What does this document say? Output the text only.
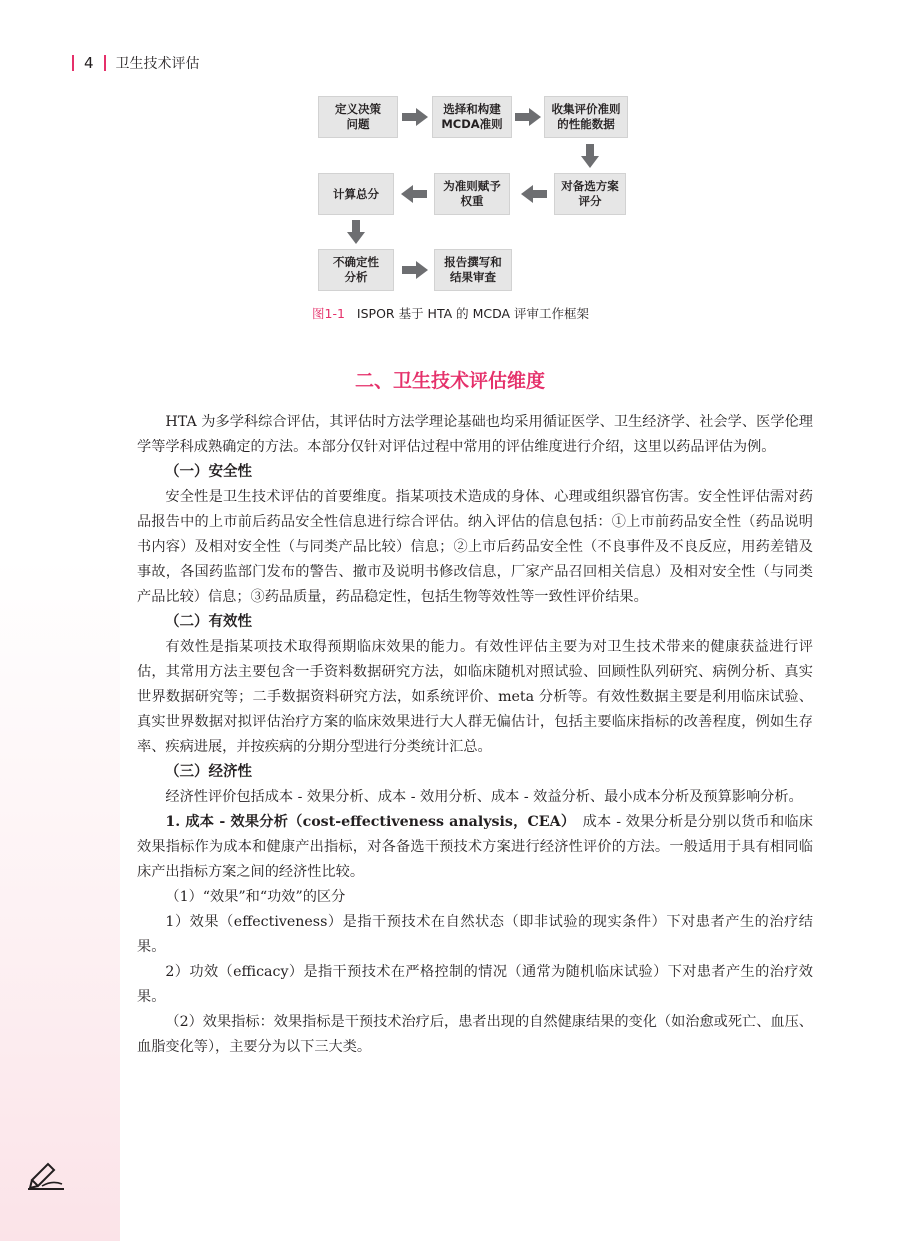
4 卫生技术评估
定义决策
问题
选择和构建
MCDA准则
收集评价准则
的性能数据
对备选方案
评分
为准则赋予
权重
计算总分
不确定性
分析
报告撰写和
结果审查
图1-1 ISPOR 基于 HTA 的 MCDA 评审工作框架
二、卫生技术评估维度

HTA 为多学科综合评估，其评估时方法学理论基础也均采用循证医学、卫生经济学、社会学、医学伦理学等学科成熟确定的方法。本部分仅针对评估过程中常用的评估维度进行介绍，这里以药品评估为例。

（一）安全性

安全性是卫生技术评估的首要维度。指某项技术造成的身体、心理或组织器官伤害。安全性评估需对药品报告中的上市前后药品安全性信息进行综合评估。纳入评估的信息包括：①上市前药品安全性（药品说明书内容）及相对安全性（与同类产品比较）信息；②上市后药品安全性（不良事件及不良反应，用药差错及事故，各国药监部门发布的警告、撤市及说明书修改信息，厂家产品召回相关信息）及相对安全性（与同类产品比较）信息；③药品质量，药品稳定性，包括生物等效性等一致性评价结果。

（二）有效性

有效性是指某项技术取得预期临床效果的能力。有效性评估主要为对卫生技术带来的健康获益进行评估，其常用方法主要包含一手资料数据研究方法，如临床随机对照试验、回顾性队列研究、病例分析、真实世界数据研究等；二手数据资料研究方法，如系统评价、meta 分析等。有效性数据主要是利用临床试验、真实世界数据对拟评估治疗方案的临床效果进行大人群无偏估计，包括主要临床指标的改善程度，例如生存率、疾病进展，并按疾病的分期分型进行分类统计汇总。

（三）经济性

经济性评价包括成本 - 效果分析、成本 - 效用分析、成本 - 效益分析、最小成本分析及预算影响分析。

1. 成本 - 效果分析（cost-effectiveness analysis，CEA）　 成本 - 效果分析是分别以货币和临床效果指标作为成本和健康产出指标，对各备选干预技术方案进行经济性评价的方法。一般适用于具有相同临床产出指标方案之间的经济性比较。

（1）“效果”和“功效”的区分

1）效果（effectiveness）是指干预技术在自然状态（即非试验的现实条件）下对患者产生的治疗结果。

2）功效（efficacy）是指干预技术在严格控制的情况（通常为随机临床试验）下对患者产生的治疗效果。

（2）效果指标：效果指标是干预技术治疗后，患者出现的自然健康结果的变化（如治愈或死亡、血压、血脂变化等），主要分为以下三大类。
